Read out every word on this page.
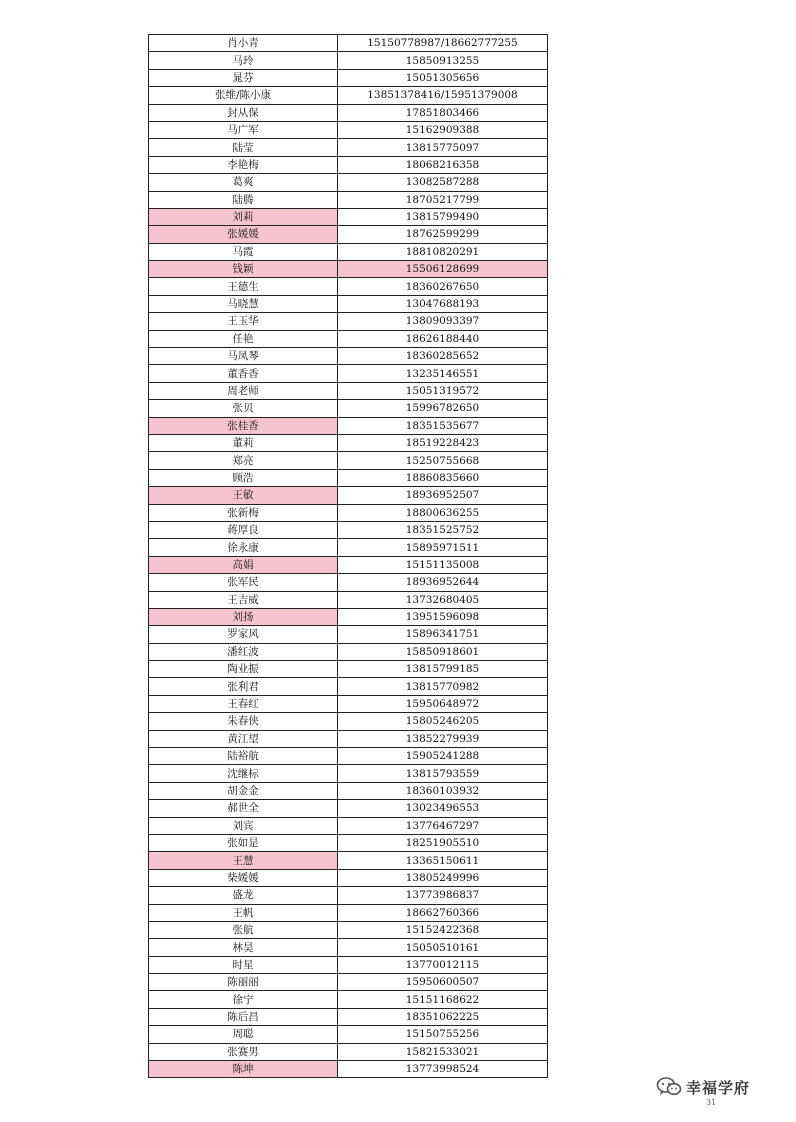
肖小青	15150778987/18662777255
马玲	15850913255
晁芬	15051305656
张维/陈小康	13851378416/15951379008
封从保	17851803466
马广军	15162909388
陆莹	13815775097
李艳梅	18068216358
葛爽	13082587288
陆腾	18705217799
刘莉	13815799490
张媛媛	18762599299
马霞	18810820291
钱颖	15506128699
王德生	18360267650
马晓慧	13047688193
王玉华	13809093397
任艳	18626188440
马凤琴	18360285652
董香香	13235146551
周老师	15051319572
张贝	15996782650
张桂香	18351535677
董莉	18519228423
郑亮	15250755668
顾浩	18860835660
王敏	18936952507
张新梅	18800636255
蒋厚良	18351525752
徐永康	15895971511
高娟	15151135008
张军民	18936952644
王吉威	13732680405
刘扬	13951596098
罗家风	15896341751
潘红波	15850918601
陶业振	13815799185
张利君	13815770982
王春红	15950648972
朱春侠	15805246205
黄江望	13852279939
陆裕航	15905241288
沈继标	13815793559
胡金金	18360103932
郝世全	13023496553
刘宾	13776467297
张如是	18251905510
王慧	13365150611
柴媛媛	13805249996
盛龙	13773986837
王帆	18662760366
张航	15152422368
林昊	15050510161
时星	13770012115
陈丽丽	15950600507
徐宁	15151168622
陈后昌	18351062225
周聪	15150755256
张赛男	15821533021
陈坤	13773998524
幸福学府
31
